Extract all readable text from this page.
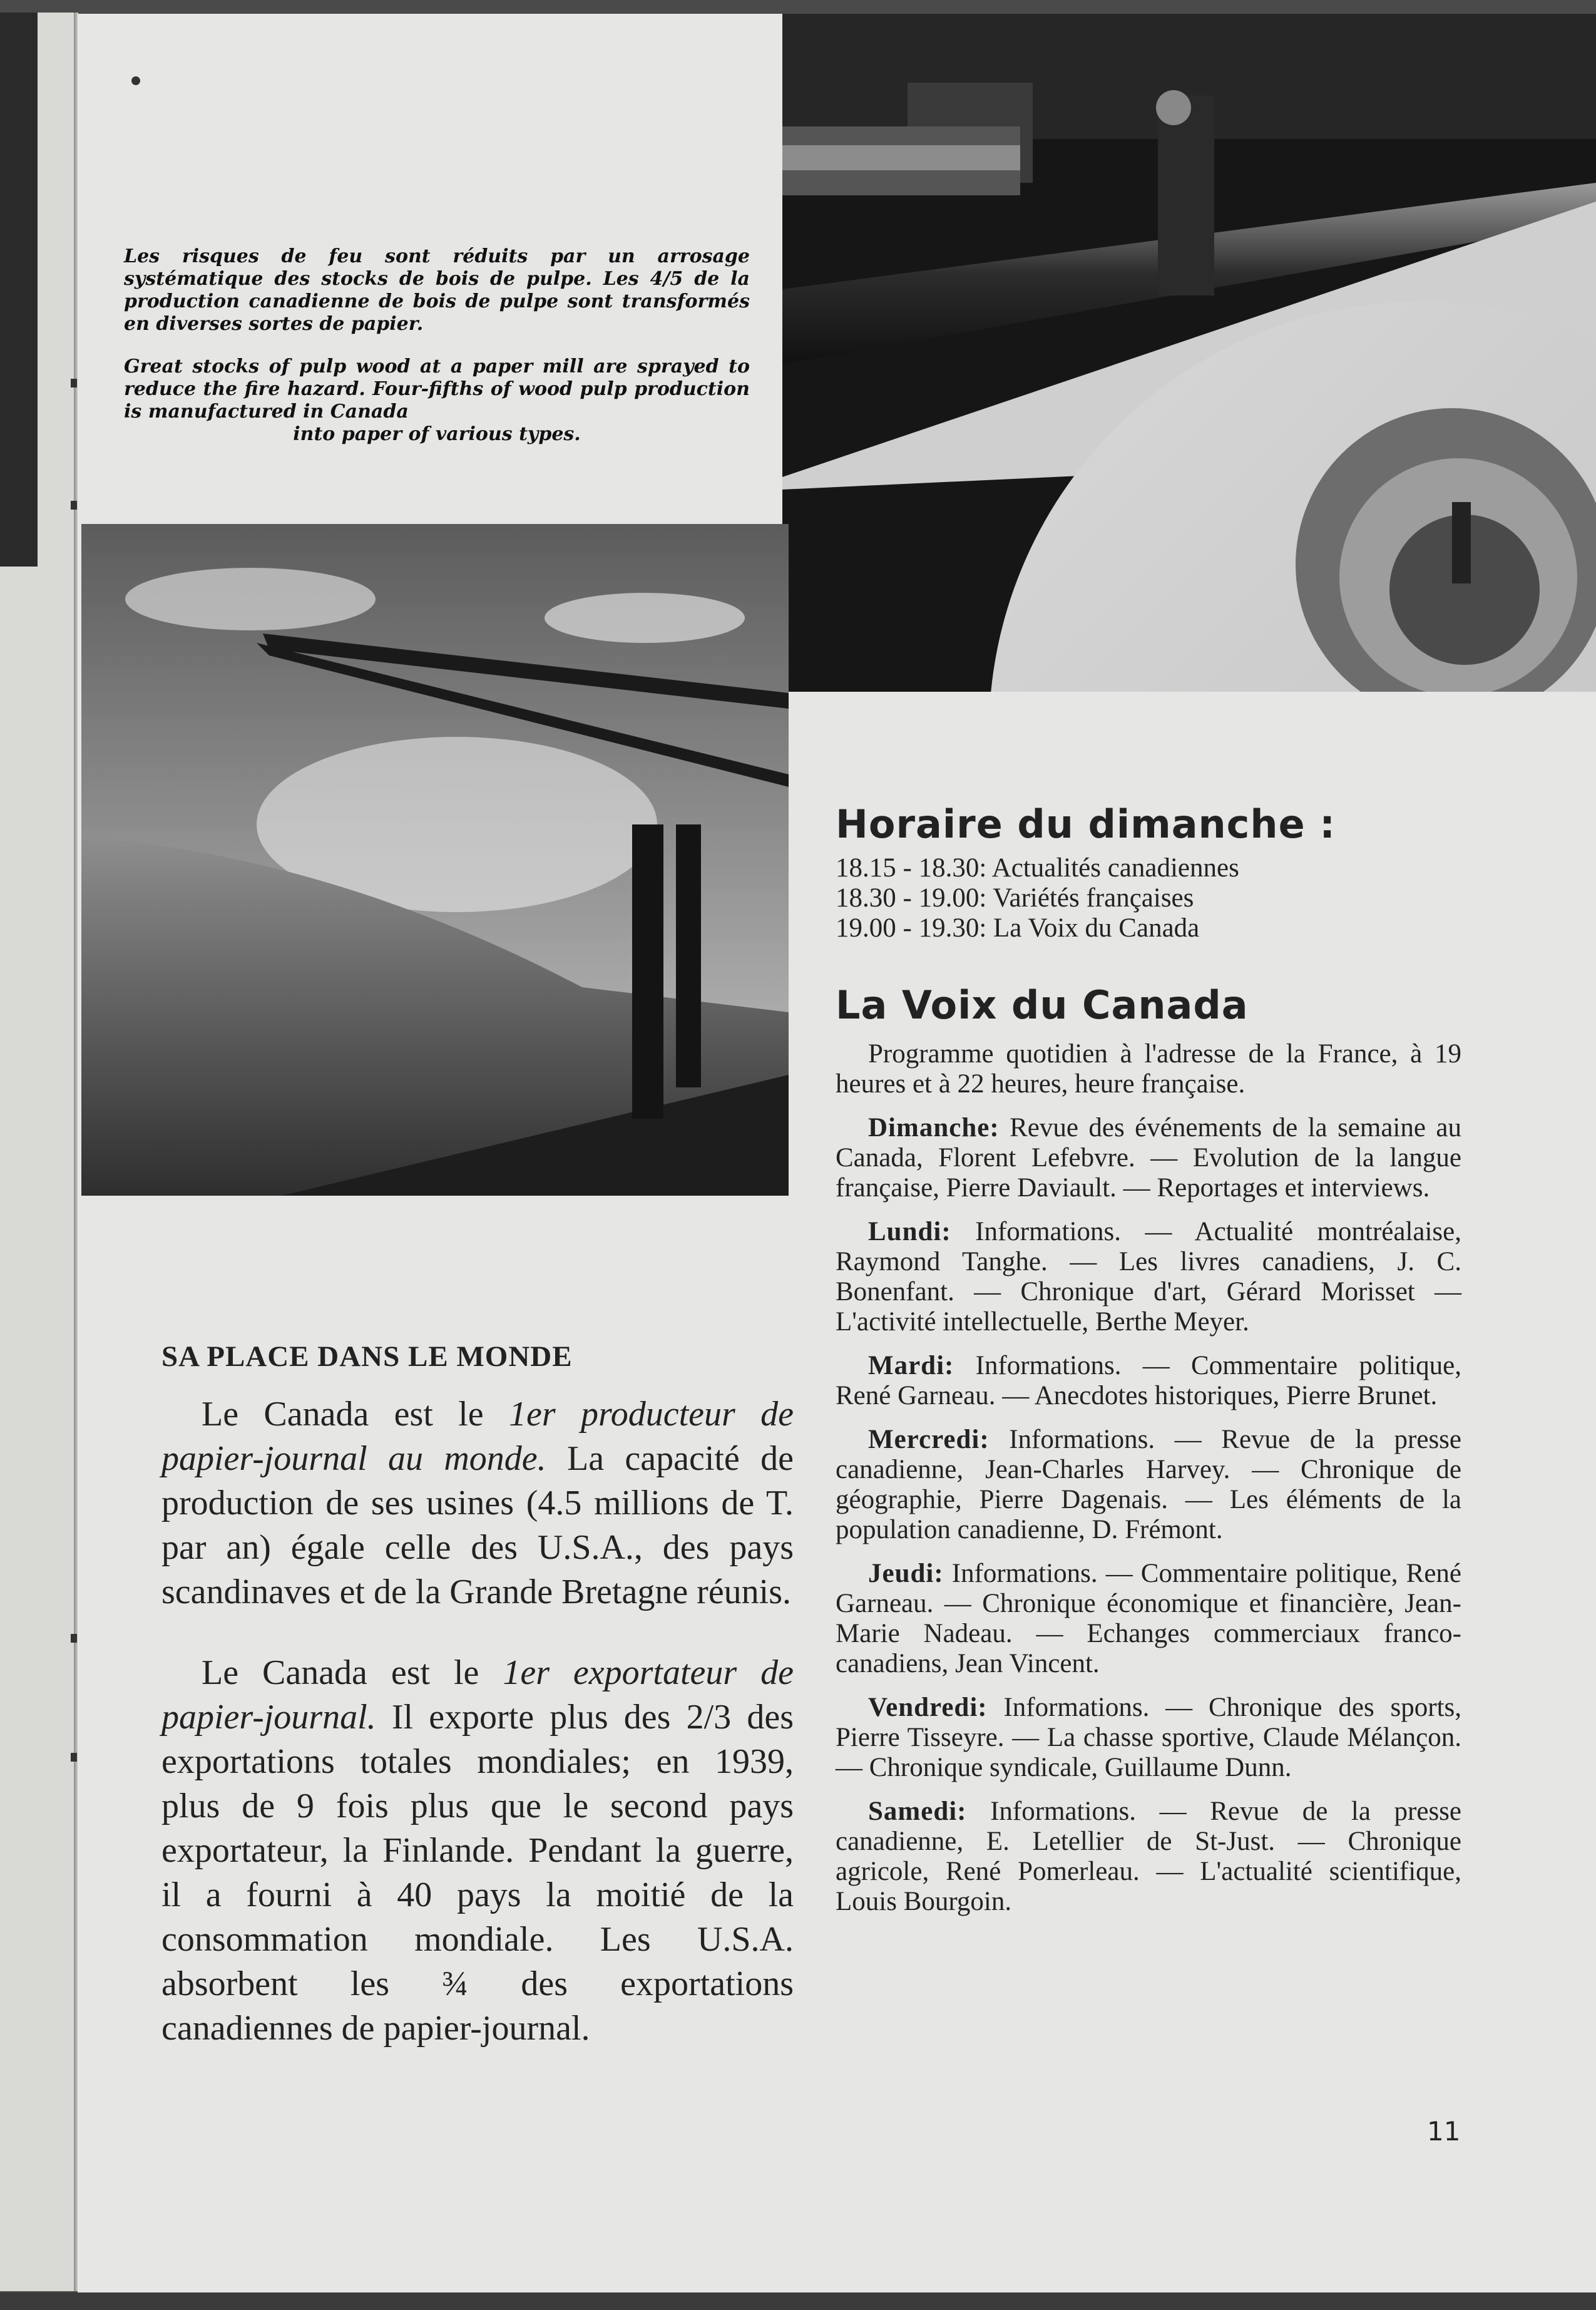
Les risques de feu sont réduits par un arrosage systématique des stocks de bois de pulpe. Les 4/5 de la production canadienne de bois de pulpe sont transformés en diverses sortes de papier.

Great stocks of pulp wood at a paper mill are sprayed to reduce the fire hazard. Four-fifths of wood pulp production is manufactured in Canada

into paper of various types.

SA PLACE DANS LE MONDE

Le Canada est le 1er producteur de papier-journal au monde. La capacité de production de ses usines (4.5 millions de T. par an) égale celle des U.S.A., des pays scandinaves et de la Grande Bretagne réunis.

Le Canada est le 1er exportateur de papier-journal. Il exporte plus des 2/3 des exportations totales mondiales; en 1939, plus de 9 fois plus que le second pays exportateur, la Finlande. Pendant la guerre, il a fourni à 40 pays la moitié de la consommation mondiale. Les U.S.A. absorbent les ¾ des exportations canadiennes de papier-journal.

Horaire du dimanche :
18.15 - 18.30: Actualités canadiennes
18.30 - 19.00: Variétés françaises
19.00 - 19.30: La Voix du Canada
La Voix du Canada

Programme quotidien à l'adresse de la France, à 19 heures et à 22 heures, heure française.

Dimanche: Revue des événements de la semaine au Canada, Florent Lefebvre. — Evolution de la langue française, Pierre Daviault. — Reportages et interviews.

Lundi: Informations. — Actualité montréalaise, Raymond Tanghe. — Les livres canadiens, J. C. Bonenfant. — Chronique d'art, Gérard Morisset — L'activité intellectuelle, Berthe Meyer.

Mardi: Informations. — Commentaire politique, René Garneau. — Anecdotes historiques, Pierre Brunet.

Mercredi: Informations. — Revue de la presse canadienne, Jean-Charles Harvey. — Chronique de géographie, Pierre Dagenais. — Les éléments de la population canadienne, D. Frémont.

Jeudi: Informations. — Commentaire politique, René Garneau. — Chronique économique et financière, Jean-Marie Nadeau. — Echanges commerciaux franco-canadiens, Jean Vincent.

Vendredi: Informations. — Chronique des sports, Pierre Tisseyre. — La chasse sportive, Claude Mélançon. — Chronique syndicale, Guillaume Dunn.

Samedi: Informations. — Revue de la presse canadienne, E. Letellier de St-Just. — Chronique agricole, René Pomerleau. — L'actualité scientifique, Louis Bourgoin.

11
